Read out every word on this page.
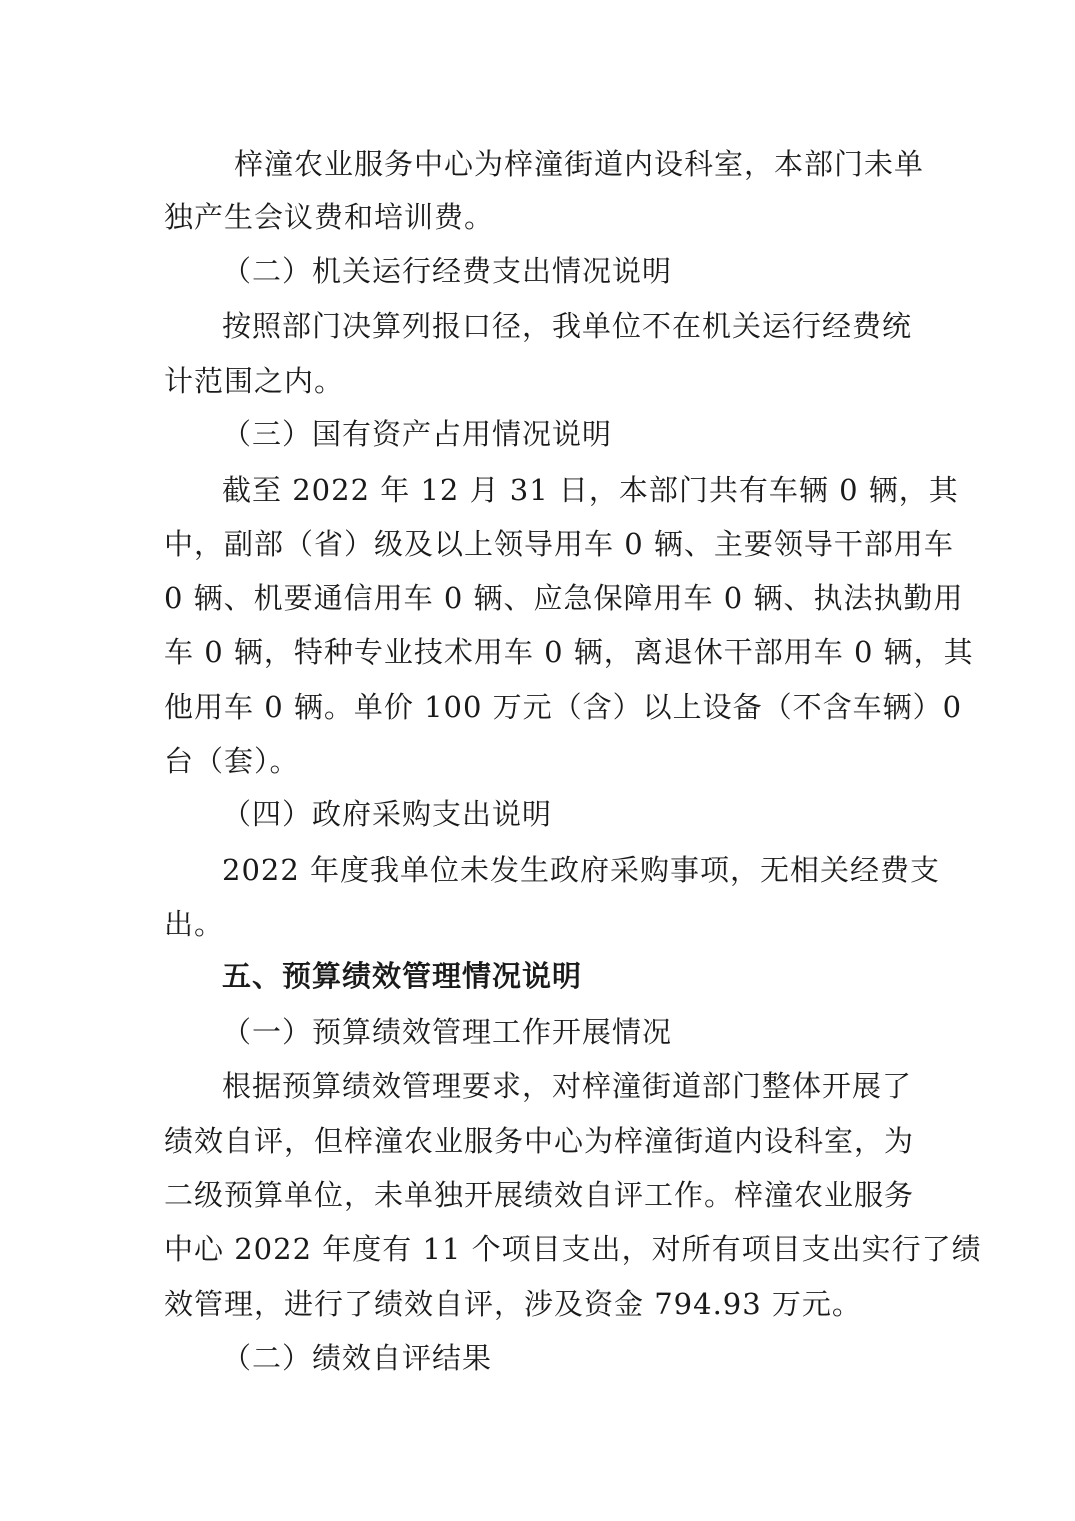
梓潼农业服务中心为梓潼街道内设科室，本部门未单
独产生会议费和培训费。
（二）机关运行经费支出情况说明
按照部门决算列报口径，我单位不在机关运行经费统
计范围之内。
（三）国有资产占用情况说明
截至 2022 年 12 月 31 日，本部门共有车辆 0 辆，其
中，副部（省）级及以上领导用车 0 辆、主要领导干部用车
0 辆、机要通信用车 0 辆、应急保障用车 0 辆、执法执勤用
车 0 辆，特种专业技术用车 0 辆，离退休干部用车 0 辆，其
他用车 0 辆。单价 100 万元（含）以上设备（不含车辆）0
台（套）。
（四）政府采购支出说明
2022 年度我单位未发生政府采购事项，无相关经费支
出。
五、预算绩效管理情况说明
（一）预算绩效管理工作开展情况
根据预算绩效管理要求，对梓潼街道部门整体开展了
绩效自评，但梓潼农业服务中心为梓潼街道内设科室，为
二级预算单位，未单独开展绩效自评工作。梓潼农业服务
中心 2022 年度有 11 个项目支出，对所有项目支出实行了绩
效管理，进行了绩效自评，涉及资金 794.93 万元。
（二）绩效自评结果
